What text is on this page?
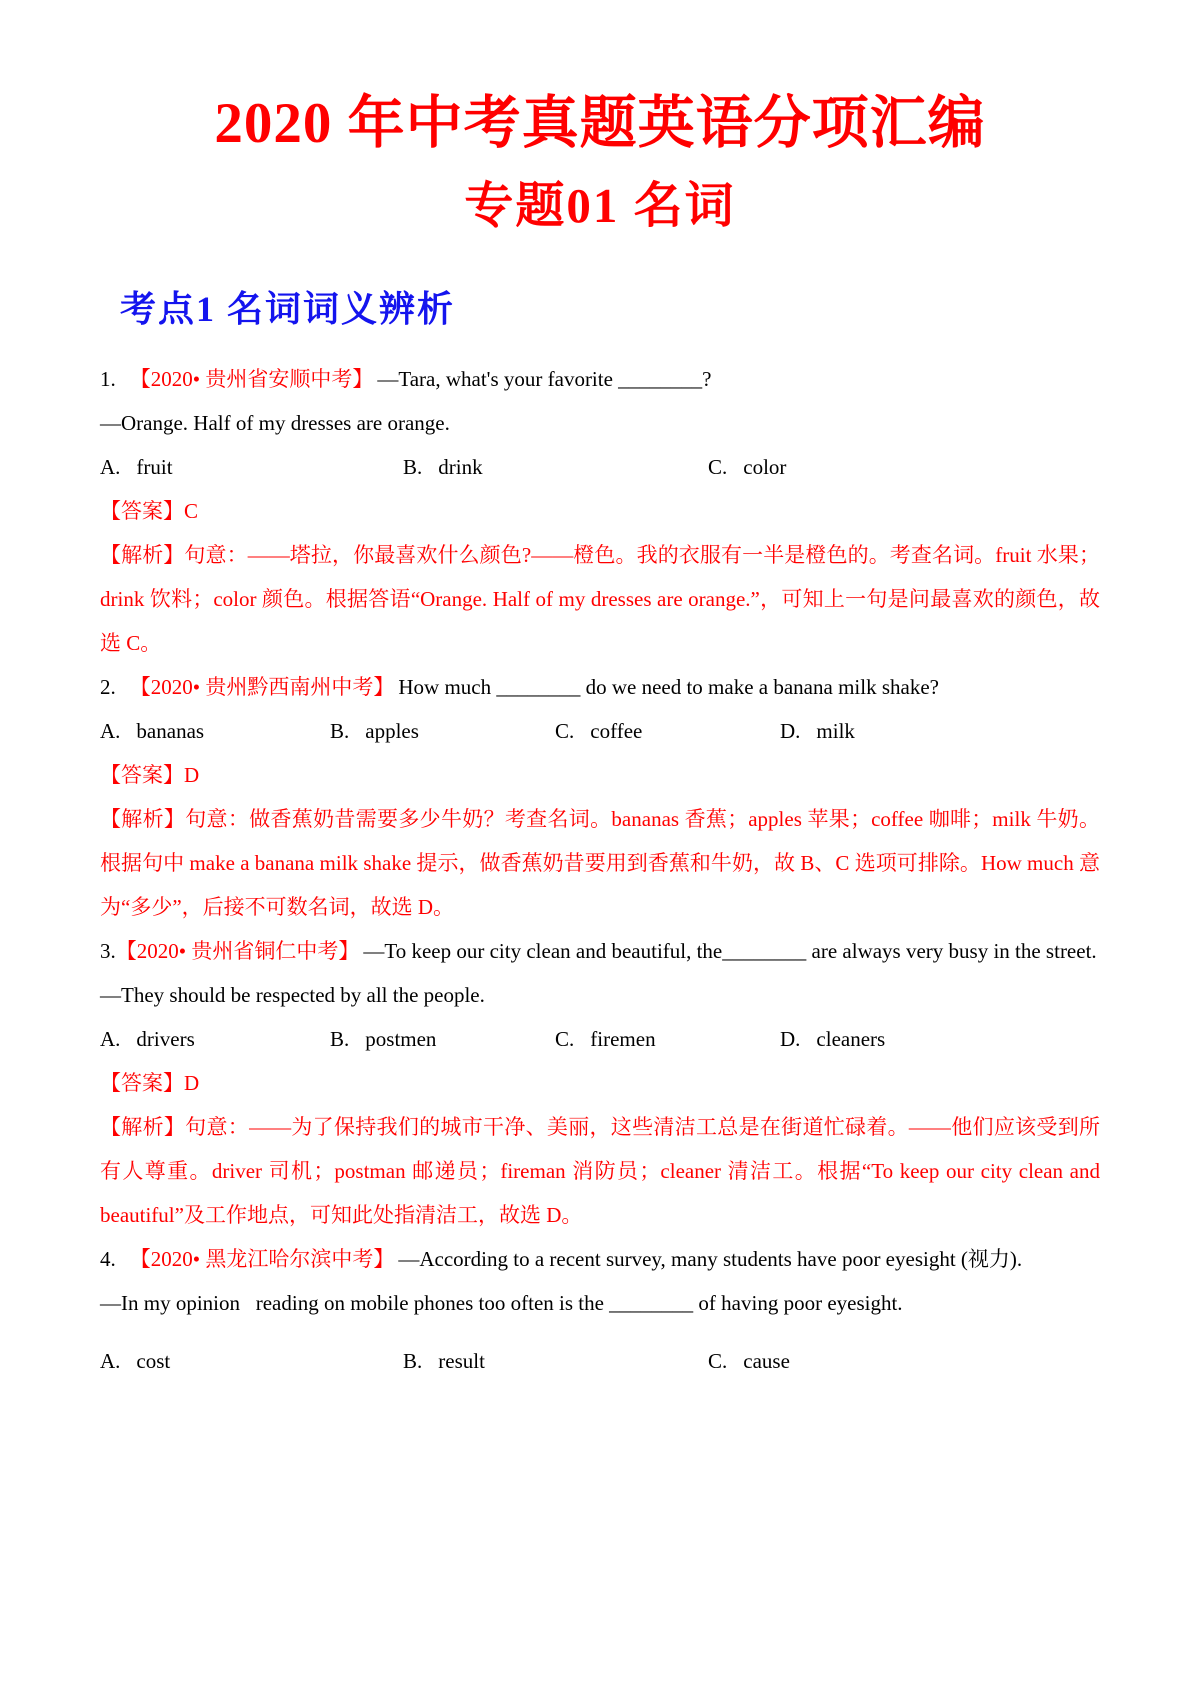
2020 年中考真题英语分项汇编
专题01 名词
考点1 名词词义辨析

1. 【2020• 贵州省安顺中考】 —Tara, what's your favorite ________?

—Orange. Half of my dresses are orange.

A. fruit	B. drink	C. color

【答案】C

【解析】句意：——塔拉，你最喜欢什么颜色?——橙色。我的衣服有一半是橙色的。考查名词。fruit 水果；drink 饮料；color 颜色。根据答语“Orange. Half of my dresses are orange.”，可知上一句是问最喜欢的颜色，故选 C。

2. 【2020• 贵州黔西南州中考】 How much ________ do we need to make a banana milk shake?

A. bananas	B. apples	C. coffee	D. milk

【答案】D

【解析】句意：做香蕉奶昔需要多少牛奶？考查名词。bananas 香蕉；apples 苹果；coffee 咖啡；milk 牛奶。根据句中 make a banana milk shake 提示，做香蕉奶昔要用到香蕉和牛奶，故 B、C 选项可排除。How much 意为“多少”，后接不可数名词，故选 D。

3.【2020• 贵州省铜仁中考】 —To keep our city clean and beautiful, the________ are always very busy in the street.

—They should be respected by all the people.

A. drivers	B. postmen	C. firemen	D. cleaners

【答案】D

【解析】句意：——为了保持我们的城市干净、美丽，这些清洁工总是在街道忙碌着。——他们应该受到所有人尊重。driver 司机；postman 邮递员；fireman 消防员；cleaner 清洁工。根据“To keep our city clean and beautiful”及工作地点，可知此处指清洁工，故选 D。

4. 【2020• 黑龙江哈尔滨中考】 —According to a recent survey, many students have poor eyesight (视力).

—In my opinion   reading on mobile phones too often is the ________ of having poor eyesight.

A. cost	B. result	C. cause
